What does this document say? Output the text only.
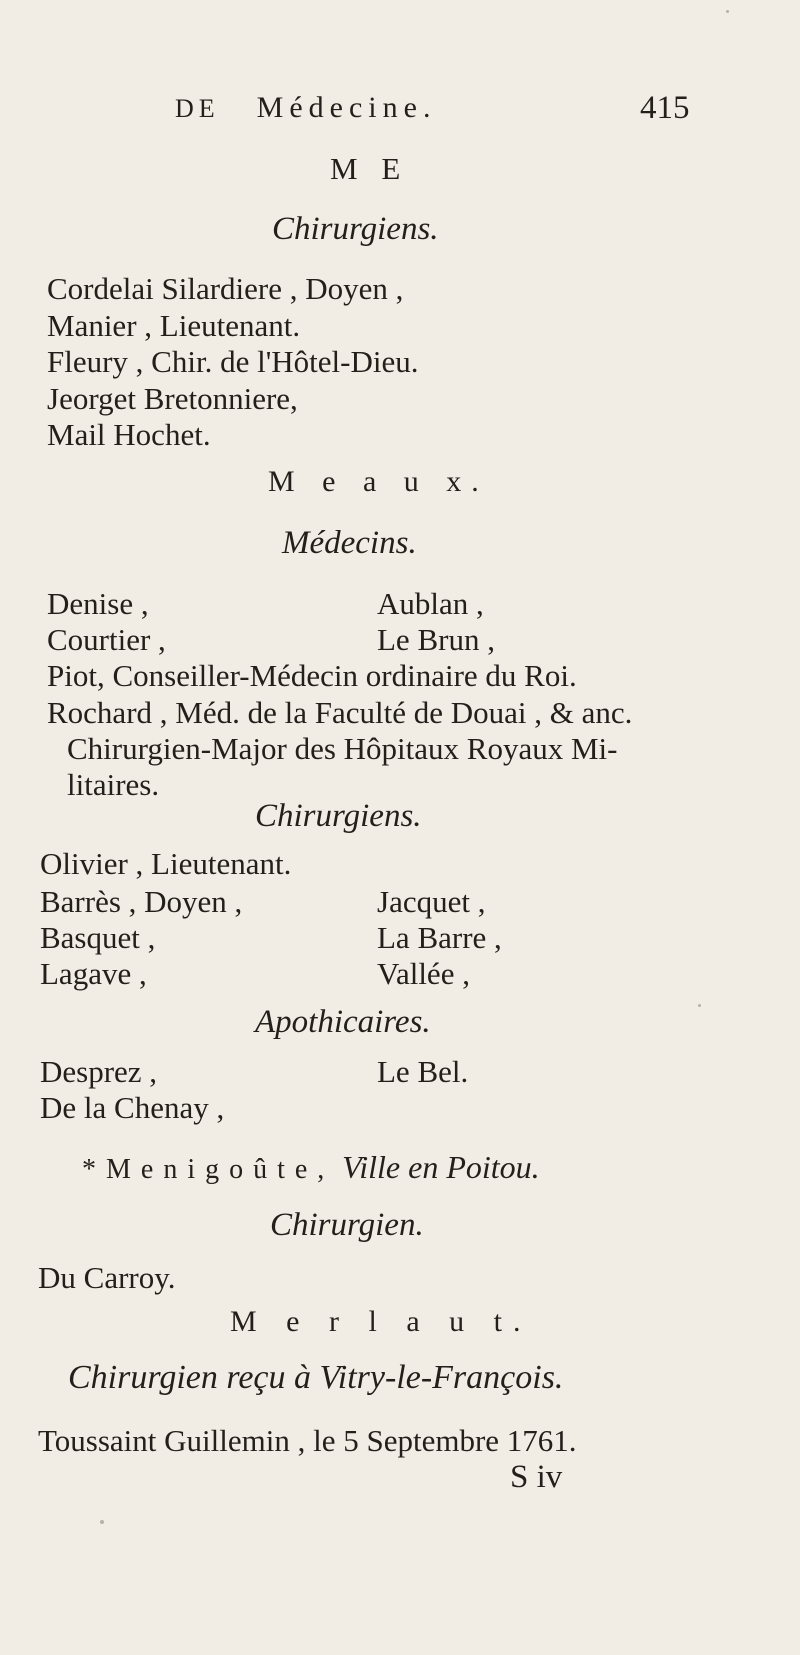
DE Médecine.	415
M E
Chirurgiens.
Cordelai Silardiere , Doyen ,
Manier , Lieutenant.
Fleury , Chir. de l'Hôtel-Dieu.
Jeorget Bretonniere,
Mail Hochet.
M e a u x.
Médecins.
Denise ,	Aublan ,
Courtier ,	Le Brun ,
Piot, Conseiller-Médecin ordinaire du Roi.
Rochard , Méd. de la Faculté de Douai , & anc.
Chirurgien-Major des Hôpitaux Royaux Mi-
litaires.
Chirurgiens.
Olivier , Lieutenant.
Barrès , Doyen ,	Jacquet ,
Basquet ,	La Barre ,
Lagave ,	Vallée ,
Apothicaires.
Desprez ,	Le Bel.
De la Chenay ,
*Menigoûte, Ville en Poitou.
Chirurgien.
Du Carroy.
M e r l a u t.
Chirurgien reçu à Vitry-le-François.
Toussaint Guillemin , le 5 Septembre 1761.
S iv
